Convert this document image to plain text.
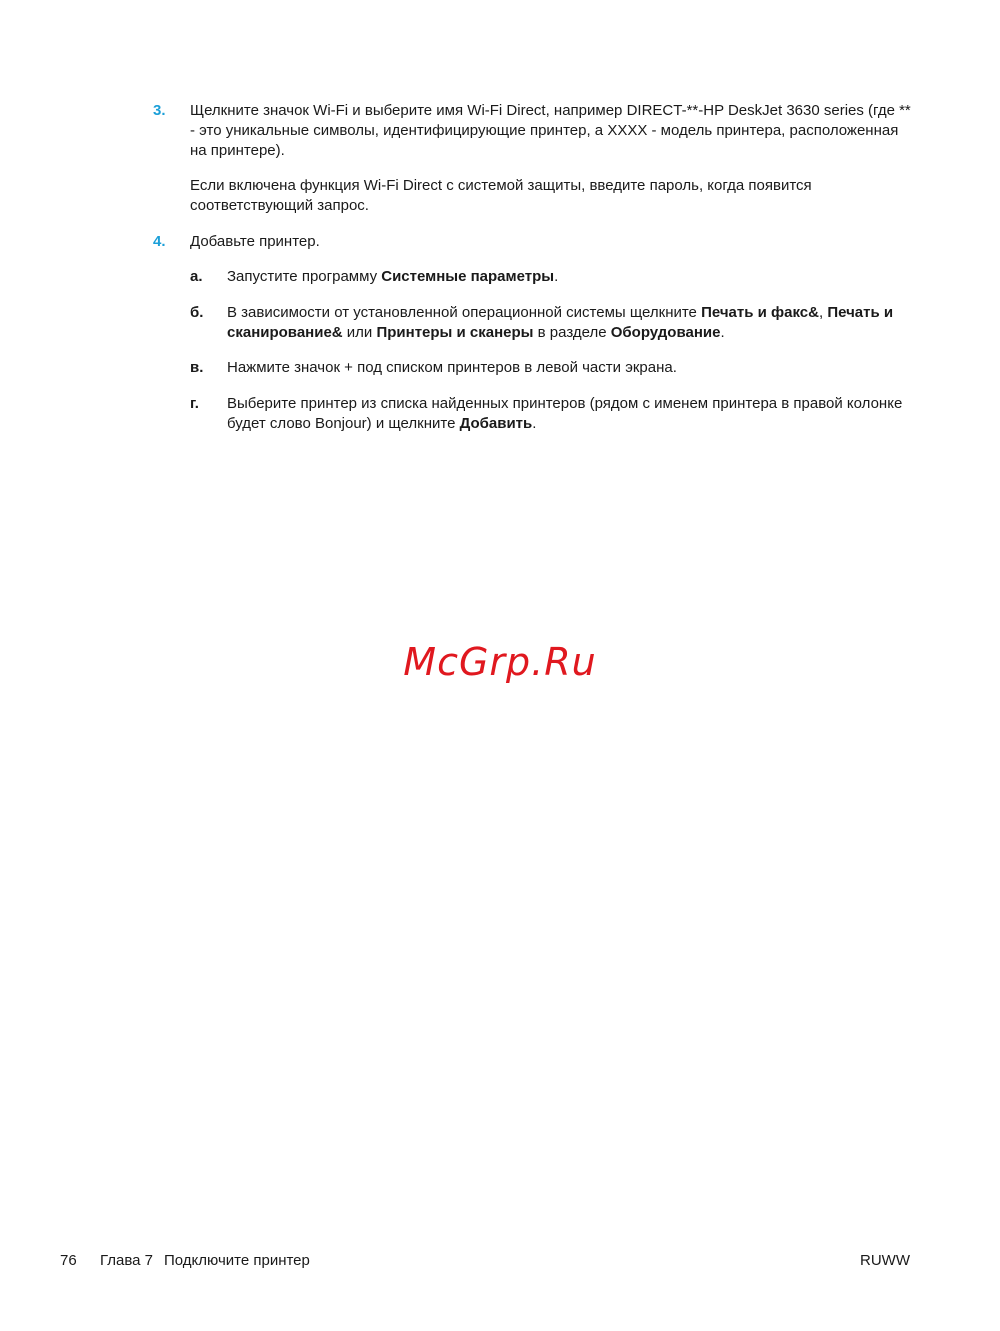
3. Щелкните значок Wi-Fi и выберите имя Wi-Fi Direct, например DIRECT-**-HP DeskJet 3630 series (где ** - это уникальные символы, идентифицирующие принтер, а XXXX - модель принтера, расположенная на принтере).

Если включена функция Wi-Fi Direct с системой защиты, введите пароль, когда появится соответствующий запрос.

4. Добавьте принтер.

а. Запустите программу Системные параметры.
б. В зависимости от установленной операционной системы щелкните Печать и факс&, Печать и сканирование& или Принтеры и сканеры в разделе Оборудование.
в. Нажмите значок + под списком принтеров в левой части экрана.
г. Выберите принтер из списка найденных принтеров (рядом с именем принтера в правой колонке будет слово Bonjour) и щелкните Добавить.
McGrp.Ru
76 Глава 7 Подключите принтер	RUWW
